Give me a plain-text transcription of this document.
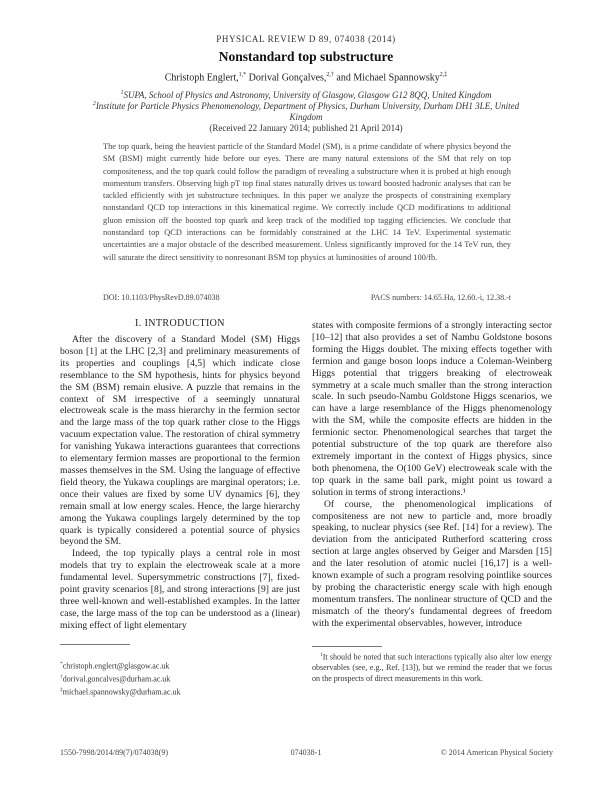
PHYSICAL REVIEW D 89, 074038 (2014)
Nonstandard top substructure
Christoph Englert,$^{1,*}$ Dorival Gonçalves,$^{2,\dagger}$ and Michael Spannowsky$^{2,\ddagger}$
$^1$SUPA, School of Physics and Astronomy, University of Glasgow, Glasgow G12 8QQ, United Kingdom
$^2$Institute for Particle Physics Phenomenology, Department of Physics, Durham University, Durham DH1 3LE, United Kingdom
(Received 22 January 2014; published 21 April 2014)

The top quark, being the heaviest particle of the Standard Model (SM), is a prime candidate of where physics beyond the SM (BSM) might currently hide before our eyes. There are many natural extensions of the SM that rely on top compositeness, and the top quark could follow the paradigm of revealing a substructure when it is probed at high enough momentum transfers. Observing high pT top final states naturally drives us toward boosted hadronic analyses that can be tackled efficiently with jet substructure techniques. In this paper we analyze the prospects of constraining exemplary nonstandard QCD top interactions in this kinematical regime. We correctly include QCD modifications to additional gluon emission off the boosted top quark and keep track of the modified top tagging efficiencies. We conclude that nonstandard top QCD interactions can be formidably constrained at the LHC 14 TeV. Experimental systematic uncertainties are a major obstacle of the described measurement. Unless significantly improved for the 14 TeV run, they will saturate the direct sensitivity to nonresonant BSM top physics at luminosities of around 100/fb.

DOI: 10.1103/PhysRevD.89.074038	PACS numbers: 14.65.Ha, 12.60.-i, 12.38.-t
I. INTRODUCTION

After the discovery of a Standard Model (SM) Higgs boson [1] at the LHC [2,3] and preliminary measurements of its properties and couplings [4,5] which indicate close resemblance to the SM hypothesis, hints for physics beyond the SM (BSM) remain elusive. A puzzle that remains in the context of SM irrespective of a seemingly unnatural electroweak scale is the mass hierarchy in the fermion sector and the large mass of the top quark rather close to the Higgs vacuum expectation value. The restoration of chiral symmetry for vanishing Yukawa interactions guarantees that corrections to elementary fermion masses are proportional to the fermion masses themselves in the SM. Using the language of effective field theory, the Yukawa couplings are marginal operators; i.e. once their values are fixed by some UV dynamics [6], they remain small at low energy scales. Hence, the large hierarchy among the Yukawa couplings largely determined by the top quark is typically considered a potential source of physics beyond the SM.

Indeed, the top typically plays a central role in most models that try to explain the electroweak scale at a more fundamental level. Supersymmetric constructions [7], fixed-point gravity scenarios [8], and strong interactions [9] are just three well-known and well-established examples. In the latter case, the large mass of the top can be understood as a (linear) mixing effect of light elementary

states with composite fermions of a strongly interacting sector [10–12] that also provides a set of Nambu Goldstone bosons forming the Higgs doublet. The mixing effects together with fermion and gauge boson loops induce a Coleman-Weinberg Higgs potential that triggers breaking of electroweak symmetry at a scale much smaller than the strong interaction scale. In such pseudo-Nambu Goldstone Higgs scenarios, we can have a large resemblance of the Higgs phenomenology with the SM, while the composite effects are hidden in the fermionic sector. Phenomenological searches that target the potential substructure of the top quark are therefore also extremely important in the context of Higgs physics, since both phenomena, the O(100 GeV) electroweak scale with the top quark in the same ball park, might point us toward a solution in terms of strong interactions.¹

Of course, the phenomenological implications of compositeness are not new to particle and, more broadly speaking, to nuclear physics (see Ref. [14] for a review). The deviation from the anticipated Rutherford scattering cross section at large angles observed by Geiger and Marsden [15] and the later resolution of atomic nuclei [16,17] is a well-known example of such a program resolving pointlike sources by probing the characteristic energy scale with high enough momentum transfers. The nonlinear structure of QCD and the mismatch of the theory's fundamental degrees of freedom with the experimental observables, however, introduce

*christoph.englert@glasgow.ac.uk
†dorival.goncalves@durham.ac.uk
‡michael.spannowsky@durham.ac.uk

$^1$It should be noted that such interactions typically also alter low energy observables (see, e.g., Ref. [13]), but we remind the reader that we focus on the prospects of direct measurements in this work.

1550-7998/2014/89(7)/074038(9)	074038-1	© 2014 American Physical Society
